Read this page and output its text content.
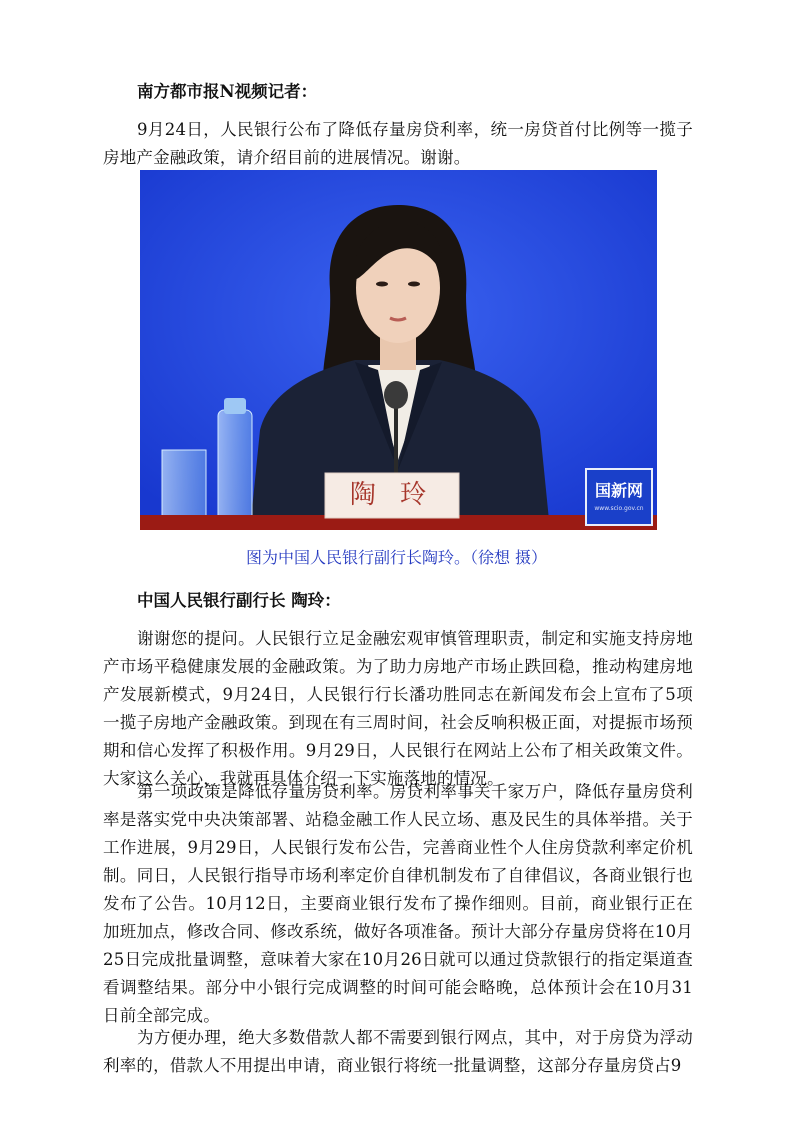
南方都市报N视频记者：

9月24日，人民银行公布了降低存量房贷利率，统一房贷首付比例等一揽子房地产金融政策，请介绍目前的进展情况。谢谢。

陶 玲	国新网
www.scio.gov.cn

图为中国人民银行副行长陶玲。（徐想 摄）

中国人民银行副行长 陶玲：

谢谢您的提问。人民银行立足金融宏观审慎管理职责，制定和实施支持房地产市场平稳健康发展的金融政策。为了助力房地产市场止跌回稳，推动构建房地产发展新模式，9月24日，人民银行行长潘功胜同志在新闻发布会上宣布了5项一揽子房地产金融政策。到现在有三周时间，社会反响积极正面，对提振市场预期和信心发挥了积极作用。9月29日，人民银行在网站上公布了相关政策文件。大家这么关心，我就再具体介绍一下实施落地的情况。

第一项政策是降低存量房贷利率。房贷利率事关千家万户，降低存量房贷利率是落实党中央决策部署、站稳金融工作人民立场、惠及民生的具体举措。关于工作进展，9月29日，人民银行发布公告，完善商业性个人住房贷款利率定价机制。同日，人民银行指导市场利率定价自律机制发布了自律倡议，各商业银行也发布了公告。10月12日，主要商业银行发布了操作细则。目前，商业银行正在加班加点，修改合同、修改系统，做好各项准备。预计大部分存量房贷将在10月25日完成批量调整，意味着大家在10月26日就可以通过贷款银行的指定渠道查看调整结果。部分中小银行完成调整的时间可能会略晚，总体预计会在10月31日前全部完成。

为方便办理，绝大多数借款人都不需要到银行网点，其中，对于房贷为浮动利率的，借款人不用提出申请，商业银行将统一批量调整，这部分存量房贷占9
